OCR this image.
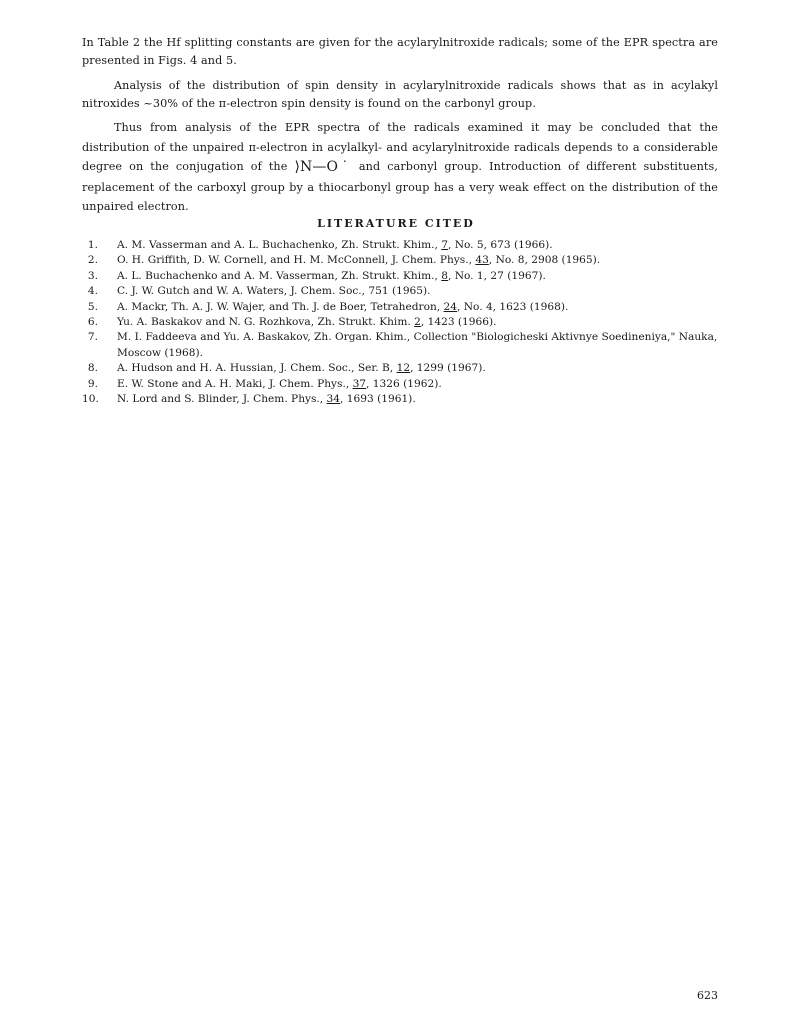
In Table 2 the Hf splitting constants are given for the acylarylnitroxide radicals; some of the EPR spectra are presented in Figs. 4 and 5.

Analysis of the distribution of spin density in acylarylnitroxide radicals shows that as in acylakyl nitroxides ~30% of the π-electron spin density is found on the carbonyl group.

Thus from analysis of the EPR spectra of the radicals examined it may be concluded that the distribution of the unpaired π-electron in acylalkyl- and acylarylnitroxide radicals depends to a considerable degree on the conjugation of the ⟩N—O˙ and carbonyl group. Introduction of different substituents, replacement of the carboxyl group by a thiocarbonyl group has a very weak effect on the distribution of the unpaired electron.

LITERATURE CITED
1. A. M. Vasserman and A. L. Buchachenko, Zh. Strukt. Khim., 7, No. 5, 673 (1966).
2. O. H. Griffith, D. W. Cornell, and H. M. McConnell, J. Chem. Phys., 43, No. 8, 2908 (1965).
3. A. L. Buchachenko and A. M. Vasserman, Zh. Strukt. Khim., 8, No. 1, 27 (1967).
4. C. J. W. Gutch and W. A. Waters, J. Chem. Soc., 751 (1965).
5. A. Mackr, Th. A. J. W. Wajer, and Th. J. de Boer, Tetrahedron, 24, No. 4, 1623 (1968).
6. Yu. A. Baskakov and N. G. Rozhkova, Zh. Strukt. Khim. 2, 1423 (1966).
7. M. I. Faddeeva and Yu. A. Baskakov, Zh. Organ. Khim., Collection "Biologicheski Aktivnye Soedineniya," Nauka, Moscow (1968).
8. A. Hudson and H. A. Hussian, J. Chem. Soc., Ser. B, 12, 1299 (1967).
9. E. W. Stone and A. H. Maki, J. Chem. Phys., 37, 1326 (1962).
10. N. Lord and S. Blinder, J. Chem. Phys., 34, 1693 (1961).
623
